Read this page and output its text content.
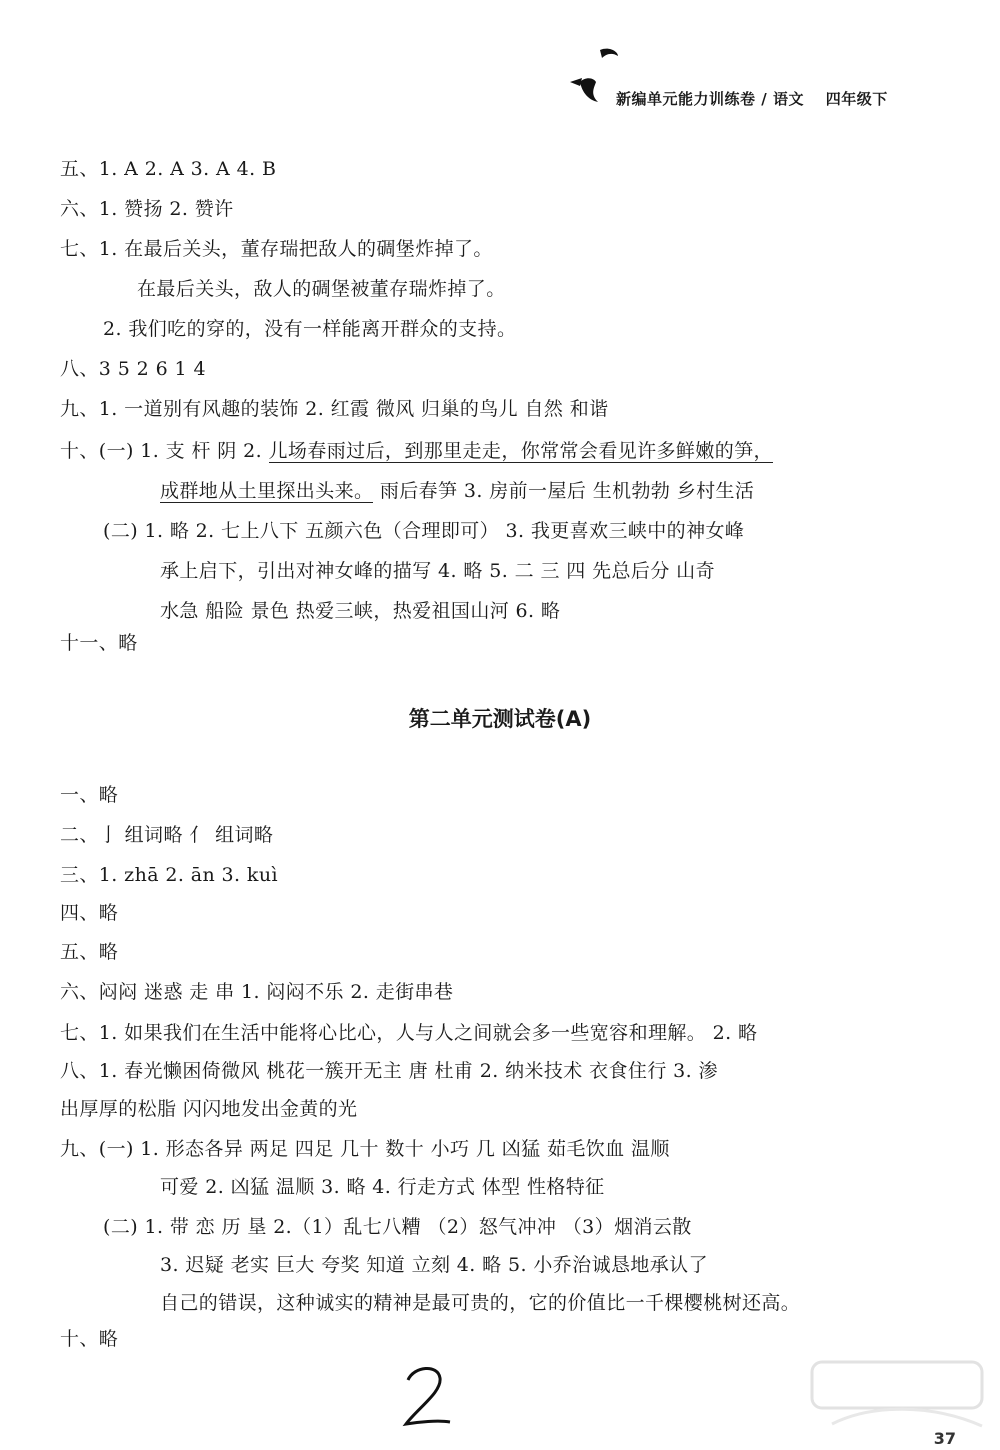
新编单元能力训练卷 / 语文 四年级下
五、1. A 2. A 3. A 4. B
六、1. 赞扬 2. 赞许
七、1. 在最后关头，董存瑞把敌人的碉堡炸掉了。
在最后关头，敌人的碉堡被董存瑞炸掉了。
2. 我们吃的穿的，没有一样能离开群众的支持。
八、3 5 2 6 1 4
九、1. 一道别有风趣的装饰 2. 红霞 微风 归巢的鸟儿 自然 和谐
十、(一) 1. 支 杆 阴 2. 儿场春雨过后，到那里走走，你常常会看见许多鲜嫩的笋，
成群地从土里探出头来。 雨后春笋 3. 房前一屋后 生机勃勃 乡村生活
(二) 1. 略 2. 七上八下 五颜六色（合理即可） 3. 我更喜欢三峡中的神女峰
承上启下，引出对神女峰的描写 4. 略 5. 二 三 四 先总后分 山奇
水急 船险 景色 热爱三峡，热爱祖国山河 6. 略
十一、略
第二单元测试卷(A)
一、略
二、亅 组词略 亻 组词略
三、1. zhā 2. ān 3. kuì
四、略
五、略
六、闷闷 迷惑 走 串 1. 闷闷不乐 2. 走街串巷
七、1. 如果我们在生活中能将心比心，人与人之间就会多一些宽容和理解。 2. 略
八、1. 春光懒困倚微风 桃花一簇开无主 唐 杜甫 2. 纳米技术 衣食住行 3. 渗
出厚厚的松脂 闪闪地发出金黄的光
九、(一) 1. 形态各异 两足 四足 几十 数十 小巧 几 凶猛 茹毛饮血 温顺
可爱 2. 凶猛 温顺 3. 略 4. 行走方式 体型 性格特征
(二) 1. 带 恋 历 垦 2.（1）乱七八糟 （2）怒气冲冲 （3）烟消云散
3. 迟疑 老实 巨大 夸奖 知道 立刻 4. 略 5. 小乔治诚恳地承认了
自己的错误，这种诚实的精神是最可贵的，它的价值比一千棵樱桃树还高。
十、略
37
